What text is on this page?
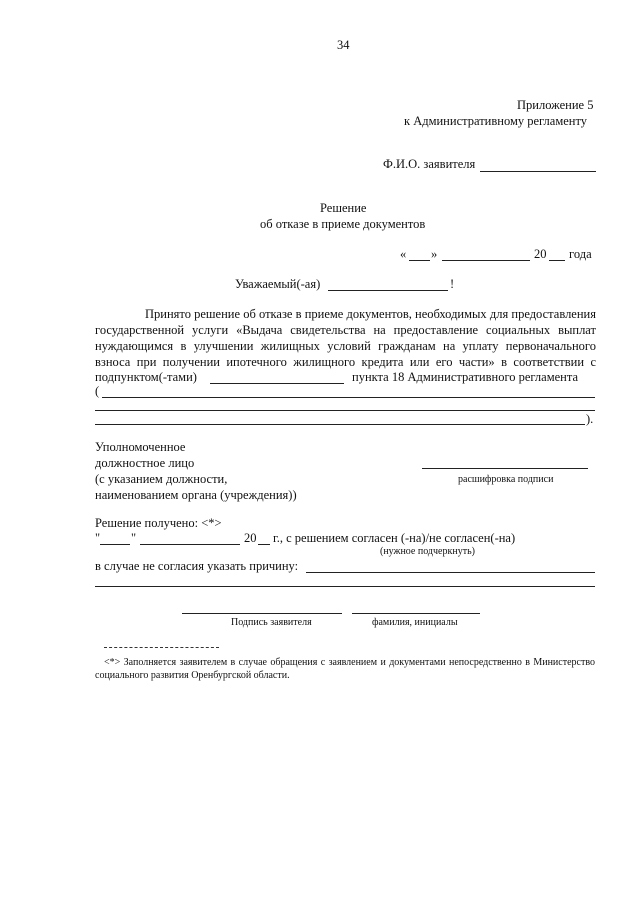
34
Приложение 5
к Административному регламенту
Ф.И.О. заявителя
Решение
об отказе в приеме документов
« »	20 года
Уважаемый(-ая)	!
Принято решение об отказе в приеме документов, необходимых для предоставления
государственной услуги «Выдача свидетельства на предоставление социальных выплат
нуждающимся в улучшении жилищных условий гражданам на уплату первоначального
взноса при получении ипотечного жилищного кредита или его части» в соответствии с
подпунктом(-тами)	пункта 18 Административного регламента
(
).
Уполномоченное
должностное лицо
(с указанием должности,
наименованием органа (учреждения))
расшифровка подписи
Решение получено: <*>
" "	20 г., с решением согласен (-на)/не согласен(-на)
(нужное подчеркнуть)
в случае не согласия указать причину:
Подпись заявителя	фамилия, инициалы
<*> Заполняется заявителем в случае обращения с заявлением и документами непосредственно в Министерство социального развития Оренбургской области.
